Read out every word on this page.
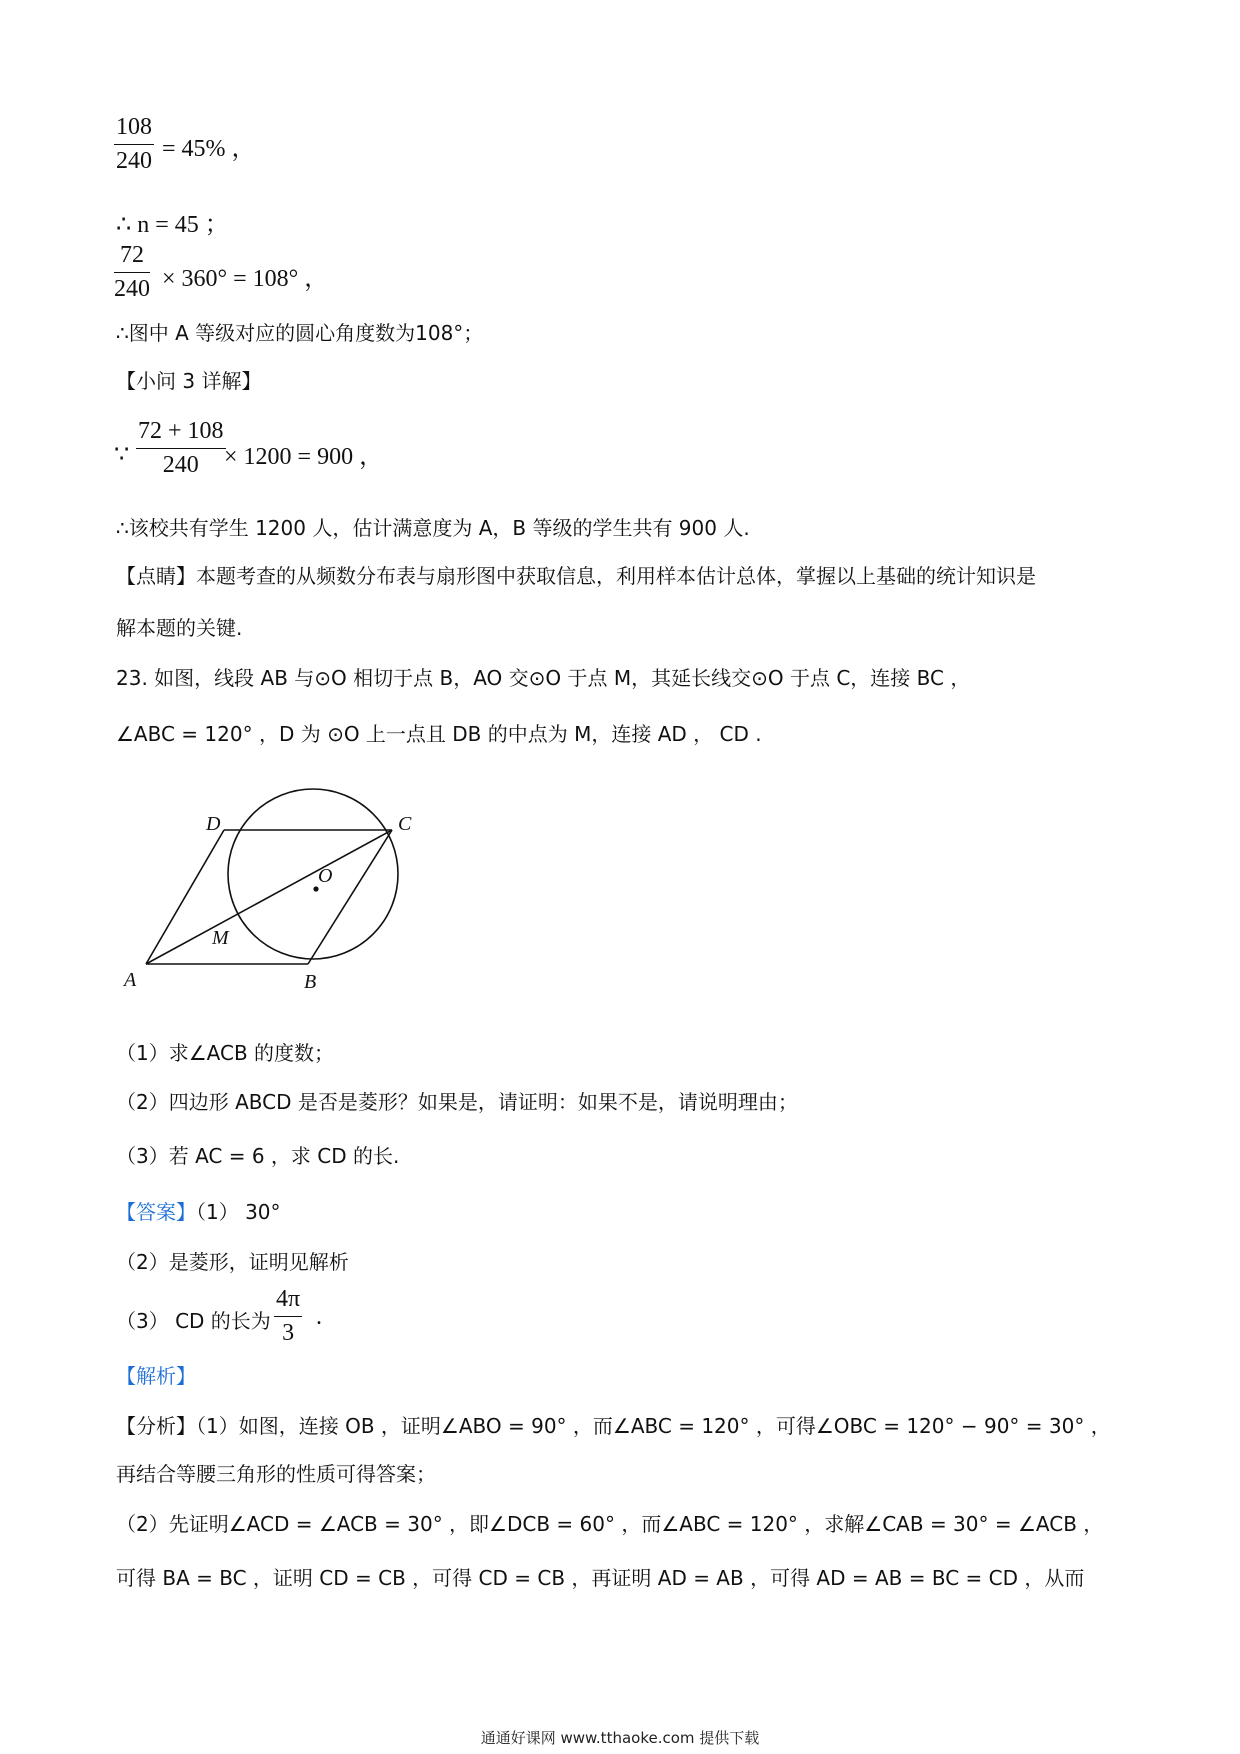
$\frac{108}{240} = 45\%$ ，
∴ n = 45 ；
$\frac{72}{240} \times 360^\circ = 108^\circ$ ，
∴图中 A 等级对应的圆心角度数为108°；
【小问 3 详解】
∵ $\frac{72 + 108}{240}$
× 1200 = 900 ，
∴该校共有学生 1200 人，估计满意度为 A，B 等级的学生共有 900 人.
【点睛】本题考查的从频数分布表与扇形图中获取信息，利用样本估计总体，掌握以上基础的统计知识是
解本题的关键.
23. 如图，线段 AB 与⊙O 相切于点 B，AO 交⊙O 于点 M，其延长线交⊙O 于点 C，连接 BC ，
∠ABC = 120° ，D 为 ⊙O 上一点且 DB 的中点为 M，连接 AD ， CD .
D	C
O
M
A	B
（1）求∠ACB 的度数；
（2）四边形 ABCD 是否是菱形？如果是，请证明：如果不是，请说明理由；
（3）若 AC = 6 ，求 CD 的长.
【答案】（1） 30°
（2）是菱形，证明见解析
（3） CD 的长为 $\frac{4\pi}{3}$ .
【解析】
【分析】（1）如图，连接 OB ，证明∠ABO = 90° ，而∠ABC = 120° ，可得∠OBC = 120° − 90° = 30° ，
再结合等腰三角形的性质可得答案；
（2）先证明∠ACD = ∠ACB = 30° ，即∠DCB = 60° ，而∠ABC = 120° ，求解∠CAB = 30° = ∠ACB ，
可得 BA = BC ，证明 CD = CB ，可得 CD = CB ，再证明 AD = AB ，可得 AD = AB = BC = CD ，从而
通通好课网 www.tthaoke.com 提供下载
